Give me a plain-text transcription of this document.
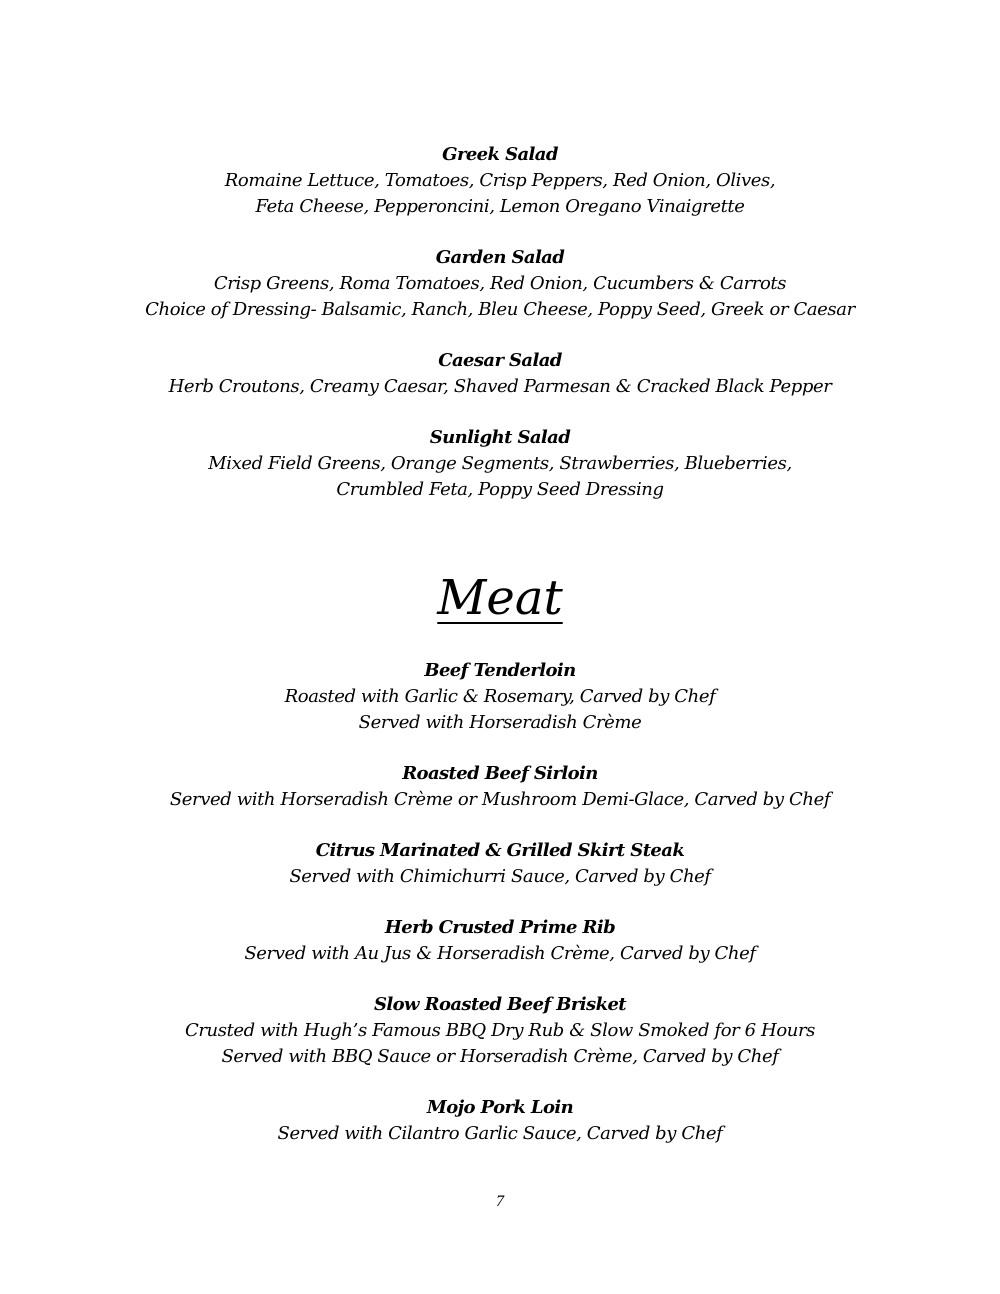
Greek Salad
Romaine Lettuce, Tomatoes, Crisp Peppers, Red Onion, Olives,
Feta Cheese, Pepperoncini, Lemon Oregano Vinaigrette
Garden Salad
Crisp Greens, Roma Tomatoes, Red Onion, Cucumbers & Carrots
Choice of Dressing- Balsamic, Ranch, Bleu Cheese, Poppy Seed, Greek or Caesar
Caesar Salad
Herb Croutons, Creamy Caesar, Shaved Parmesan & Cracked Black Pepper
Sunlight Salad
Mixed Field Greens, Orange Segments, Strawberries, Blueberries,
Crumbled Feta, Poppy Seed Dressing
Meat
Beef Tenderloin
Roasted with Garlic & Rosemary, Carved by Chef
Served with Horseradish Crème
Roasted Beef Sirloin
Served with Horseradish Crème or Mushroom Demi-Glace, Carved by Chef
Citrus Marinated & Grilled Skirt Steak
Served with Chimichurri Sauce, Carved by Chef
Herb Crusted Prime Rib
Served with Au Jus & Horseradish Crème, Carved by Chef
Slow Roasted Beef Brisket
Crusted with Hugh’s Famous BBQ Dry Rub & Slow Smoked for 6 Hours
Served with BBQ Sauce or Horseradish Crème, Carved by Chef
Mojo Pork Loin
Served with Cilantro Garlic Sauce, Carved by Chef
7
